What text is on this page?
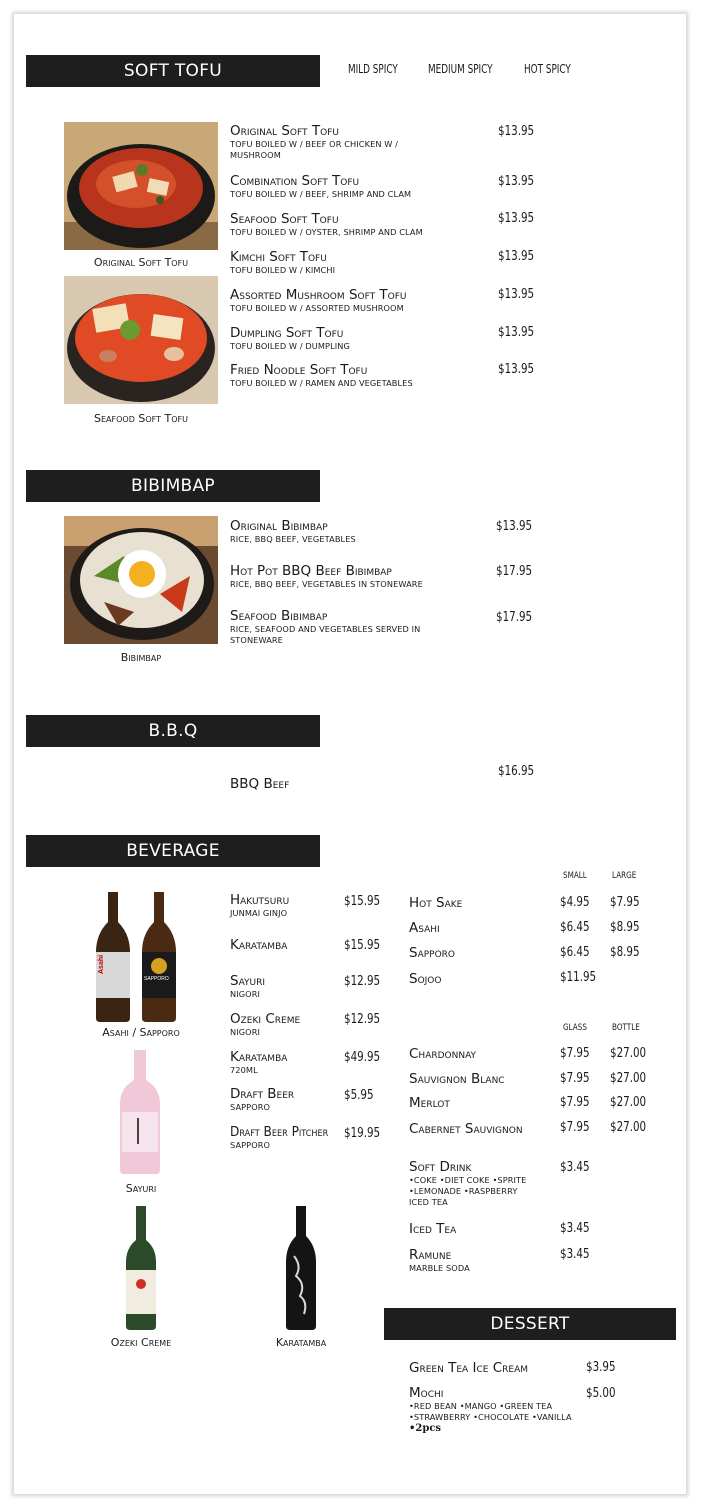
SOFT TOFU	MILD SPICY	MEDIUM SPICY	HOT SPICY
Original Soft Tofu
Seafood Soft Tofu
Original Soft Tofu
TOFU BOILED W / BEEF OR CHICKEN W / MUSHROOM
$13.95
Combination Soft Tofu
TOFU BOILED W / BEEF, SHRIMP AND CLAM
$13.95
Seafood Soft Tofu
TOFU BOILED W / OYSTER, SHRIMP AND CLAM
$13.95
Kimchi Soft Tofu
TOFU BOILED W / KIMCHI
$13.95
Assorted Mushroom Soft Tofu
TOFU BOILED W / ASSORTED MUSHROOM
$13.95
Dumpling Soft Tofu
TOFU BOILED W / DUMPLING
$13.95
Fried Noodle Soft Tofu
TOFU BOILED W / RAMEN AND VEGETABLES
$13.95
BIBIMBAP
Bibimbap
Original Bibimbap
RICE, BBQ BEEF, VEGETABLES
$13.95
Hot Pot BBQ Beef Bibimbap
RICE, BBQ BEEF, VEGETABLES IN STONEWARE
$17.95
Seafood Bibimbap
RICE, SEAFOOD AND VEGETABLES SERVED IN STONEWARE
$17.95
B.B.Q
BBQ Beef
$16.95
BEVERAGE
Asahi
SAPPORO
Asahi / Sapporo
Sayuri
Ozeki Creme	Karatamba
Hakutsuru
JUNMAI GINJO
$15.95
Karatamba	$15.95
Sayuri
NIGORI
$12.95
Ozeki Creme
NIGORI
$12.95
Karatamba
720ML
$49.95
Draft Beer
SAPPORO
$5.95
Draft Beer Pitcher
SAPPORO
$19.95
SMALL	LARGE
Hot Sake	$4.95 $7.95
Asahi	$6.45 $8.95
Sapporo	$6.45 $8.95
Sojoo	$11.95
GLASS	BOTTLE
Chardonnay	$7.95 $27.00
Sauvignon Blanc	$7.95 $27.00
Merlot	$7.95 $27.00
Cabernet Sauvignon	$7.95 $27.00
Soft Drink
•COKE •DIET COKE •SPRITE •LEMONADE •RASPBERRY ICED TEA
$3.45
Iced Tea	$3.45
Ramune
MARBLE SODA
$3.45
DESSERT
Green Tea Ice Cream	$3.95
Mochi
•RED BEAN •MANGO •GREEN TEA •STRAWBERRY •CHOCOLATE •VANILLA
•2pcs
$5.00
